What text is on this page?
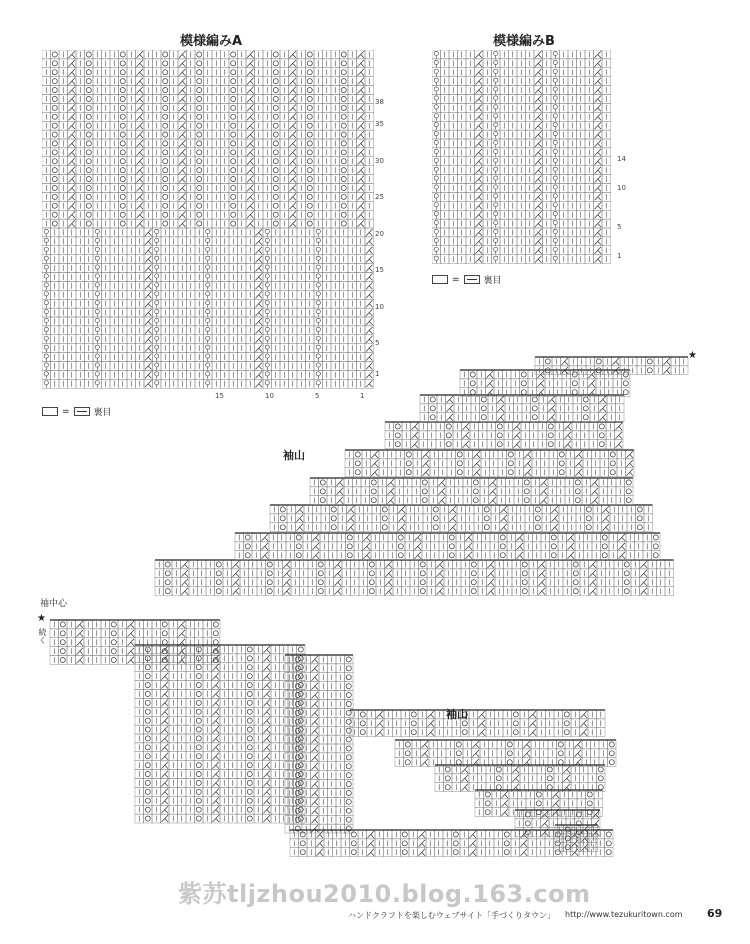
模様編みA
38
35
30
25
20
15
10
5
1
15	10	5	1
=	裏目
模様編みB
14
10
5
1
=	裏目
袖山
★
袖中心
★
続く
袖山
紫苏tljzhou2010.blog.163.com
ハンドクラフトを楽しむウェブサイト「手づくりタウン」 http://www.tezukuritown.com 69
